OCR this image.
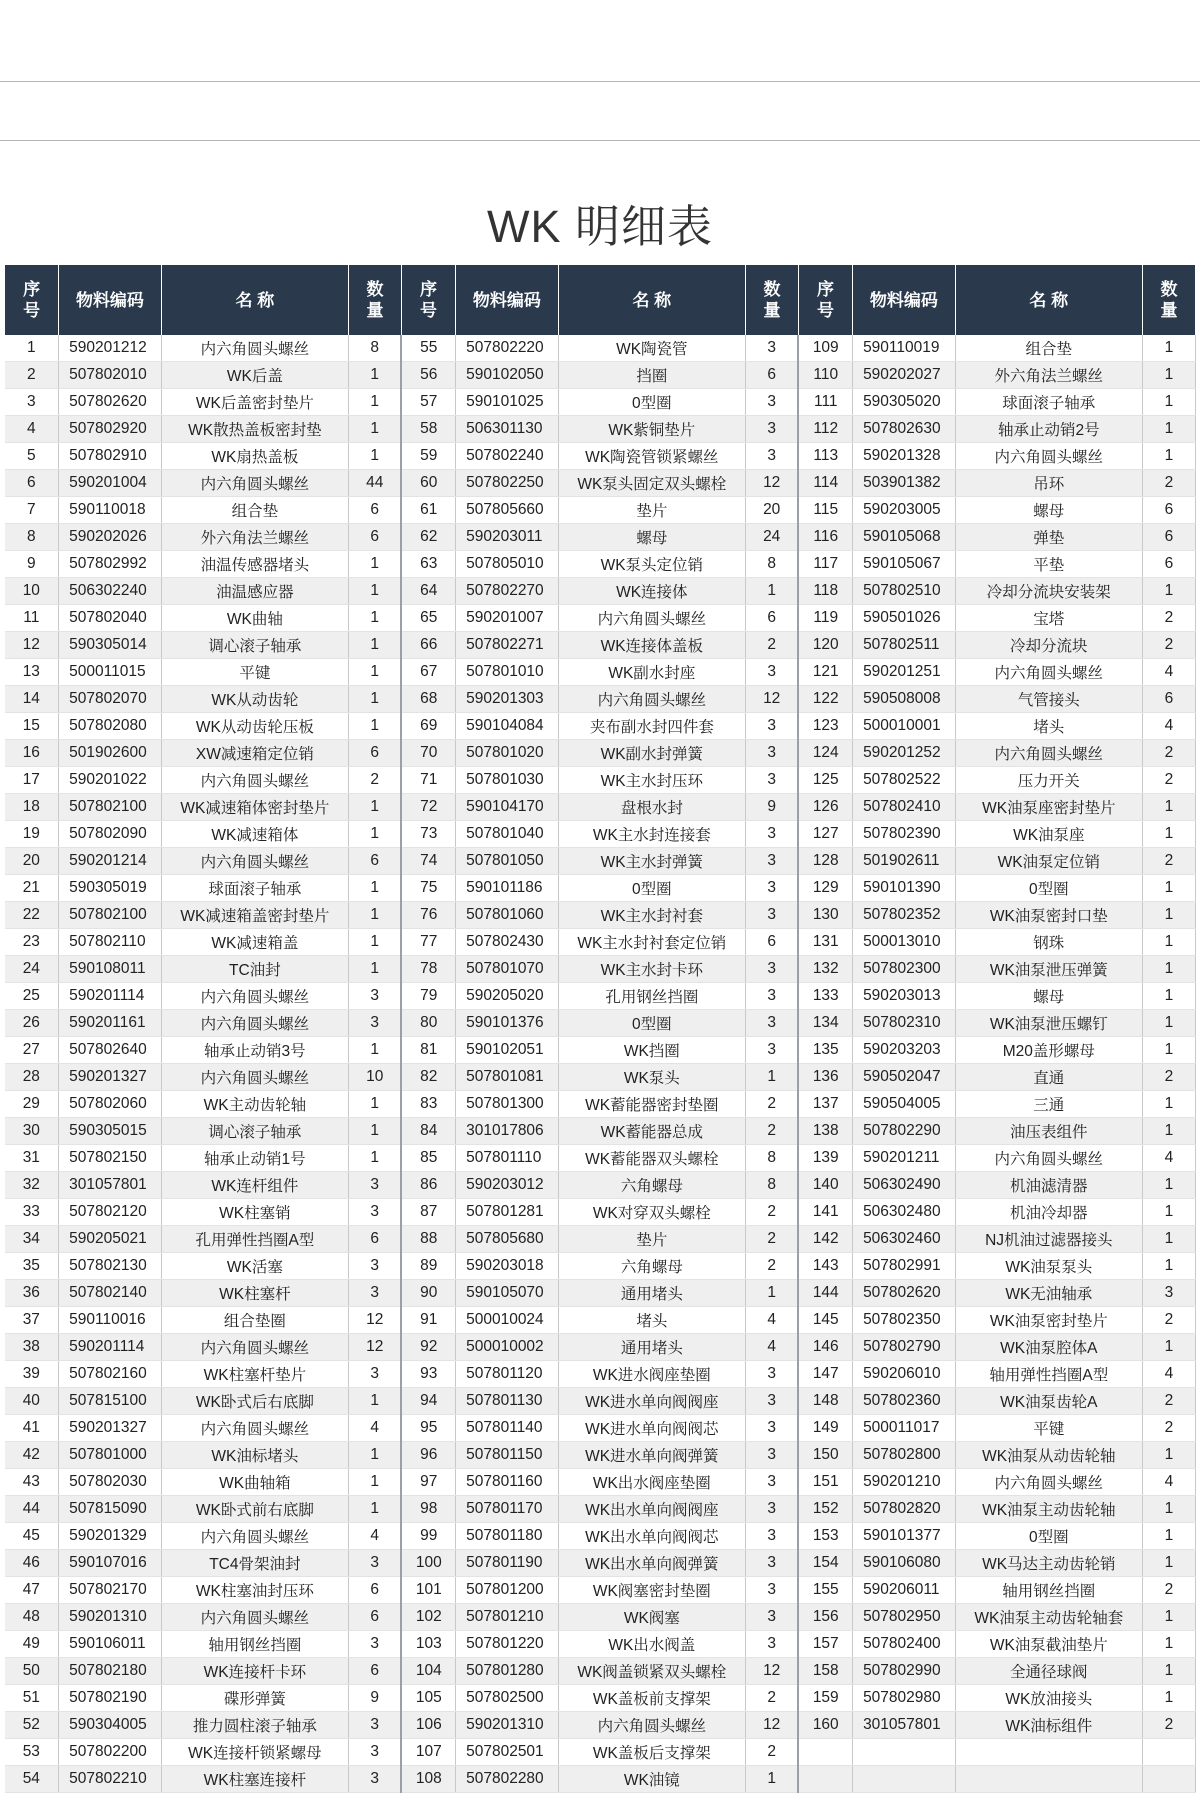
WK 明细表
序
号	物料编码	名 称	数
量	序
号	物料编码	名 称	数
量	序
号	物料编码	名 称	数
量
1	590201212	内六角圆头螺丝	8	55	507802220	WK陶瓷管	3	109	590110019	组合垫	1
2	507802010	WK后盖	1	56	590102050	挡圈	6	110	590202027	外六角法兰螺丝	1
3	507802620	WK后盖密封垫片	1	57	590101025	0型圈	3	111	590305020	球面滚子轴承	1
4	507802920	WK散热盖板密封垫	1	58	506301130	WK紫铜垫片	3	112	507802630	轴承止动销2号	1
5	507802910	WK扇热盖板	1	59	507802240	WK陶瓷管锁紧螺丝	3	113	590201328	内六角圆头螺丝	1
6	590201004	内六角圆头螺丝	44	60	507802250	WK泵头固定双头螺栓	12	114	503901382	吊环	2
7	590110018	组合垫	6	61	507805660	垫片	20	115	590203005	螺母	6
8	590202026	外六角法兰螺丝	6	62	590203011	螺母	24	116	590105068	弹垫	6
9	507802992	油温传感器堵头	1	63	507805010	WK泵头定位销	8	117	590105067	平垫	6
10	506302240	油温感应器	1	64	507802270	WK连接体	1	118	507802510	冷却分流块安装架	1
11	507802040	WK曲轴	1	65	590201007	内六角圆头螺丝	6	119	590501026	宝塔	2
12	590305014	调心滚子轴承	1	66	507802271	WK连接体盖板	2	120	507802511	冷却分流块	2
13	500011015	平键	1	67	507801010	WK副水封座	3	121	590201251	内六角圆头螺丝	4
14	507802070	WK从动齿轮	1	68	590201303	内六角圆头螺丝	12	122	590508008	气管接头	6
15	507802080	WK从动齿轮压板	1	69	590104084	夹布副水封四件套	3	123	500010001	堵头	4
16	501902600	XW减速箱定位销	6	70	507801020	WK副水封弹簧	3	124	590201252	内六角圆头螺丝	2
17	590201022	内六角圆头螺丝	2	71	507801030	WK主水封压环	3	125	507802522	压力开关	2
18	507802100	WK减速箱体密封垫片	1	72	590104170	盘根水封	9	126	507802410	WK油泵座密封垫片	1
19	507802090	WK减速箱体	1	73	507801040	WK主水封连接套	3	127	507802390	WK油泵座	1
20	590201214	内六角圆头螺丝	6	74	507801050	WK主水封弹簧	3	128	501902611	WK油泵定位销	2
21	590305019	球面滚子轴承	1	75	590101186	0型圈	3	129	590101390	0型圈	1
22	507802100	WK减速箱盖密封垫片	1	76	507801060	WK主水封衬套	3	130	507802352	WK油泵密封口垫	1
23	507802110	WK减速箱盖	1	77	507802430	WK主水封衬套定位销	6	131	500013010	钢珠	1
24	590108011	TC油封	1	78	507801070	WK主水封卡环	3	132	507802300	WK油泵泄压弹簧	1
25	590201114	内六角圆头螺丝	3	79	590205020	孔用钢丝挡圈	3	133	590203013	螺母	1
26	590201161	内六角圆头螺丝	3	80	590101376	0型圈	3	134	507802310	WK油泵泄压螺钉	1
27	507802640	轴承止动销3号	1	81	590102051	WK挡圈	3	135	590203203	M20盖形螺母	1
28	590201327	内六角圆头螺丝	10	82	507801081	WK泵头	1	136	590502047	直通	2
29	507802060	WK主动齿轮轴	1	83	507801300	WK蓄能器密封垫圈	2	137	590504005	三通	1
30	590305015	调心滚子轴承	1	84	301017806	WK蓄能器总成	2	138	507802290	油压表组件	1
31	507802150	轴承止动销1号	1	85	507801110	WK蓄能器双头螺栓	8	139	590201211	内六角圆头螺丝	4
32	301057801	WK连杆组件	3	86	590203012	六角螺母	8	140	506302490	机油滤清器	1
33	507802120	WK柱塞销	3	87	507801281	WK对穿双头螺栓	2	141	506302480	机油冷却器	1
34	590205021	孔用弹性挡圈A型	6	88	507805680	垫片	2	142	506302460	NJ机油过滤器接头	1
35	507802130	WK活塞	3	89	590203018	六角螺母	2	143	507802991	WK油泵泵头	1
36	507802140	WK柱塞杆	3	90	590105070	通用堵头	1	144	507802620	WK无油轴承	3
37	590110016	组合垫圈	12	91	500010024	堵头	4	145	507802350	WK油泵密封垫片	2
38	590201114	内六角圆头螺丝	12	92	500010002	通用堵头	4	146	507802790	WK油泵腔体A	1
39	507802160	WK柱塞杆垫片	3	93	507801120	WK进水阀座垫圈	3	147	590206010	轴用弹性挡圈A型	4
40	507815100	WK卧式后右底脚	1	94	507801130	WK进水单向阀阀座	3	148	507802360	WK油泵齿轮A	2
41	590201327	内六角圆头螺丝	4	95	507801140	WK进水单向阀阀芯	3	149	500011017	平键	2
42	507801000	WK油标堵头	1	96	507801150	WK进水单向阀弹簧	3	150	507802800	WK油泵从动齿轮轴	1
43	507802030	WK曲轴箱	1	97	507801160	WK出水阀座垫圈	3	151	590201210	内六角圆头螺丝	4
44	507815090	WK卧式前右底脚	1	98	507801170	WK出水单向阀阀座	3	152	507802820	WK油泵主动齿轮轴	1
45	590201329	内六角圆头螺丝	4	99	507801180	WK出水单向阀阀芯	3	153	590101377	0型圈	1
46	590107016	TC4骨架油封	3	100	507801190	WK出水单向阀弹簧	3	154	590106080	WK马达主动齿轮销	1
47	507802170	WK柱塞油封压环	6	101	507801200	WK阀塞密封垫圈	3	155	590206011	轴用钢丝挡圈	2
48	590201310	内六角圆头螺丝	6	102	507801210	WK阀塞	3	156	507802950	WK油泵主动齿轮轴套	1
49	590106011	轴用钢丝挡圈	3	103	507801220	WK出水阀盖	3	157	507802400	WK油泵截油垫片	1
50	507802180	WK连接杆卡环	6	104	507801280	WK阀盖锁紧双头螺栓	12	158	507802990	全通径球阀	1
51	507802190	碟形弹簧	9	105	507802500	WK盖板前支撑架	2	159	507802980	WK放油接头	1
52	590304005	推力圆柱滚子轴承	3	106	590201310	内六角圆头螺丝	12	160	301057801	WK油标组件	2
53	507802200	WK连接杆锁紧螺母	3	107	507802501	WK盖板后支撑架	2				
54	507802210	WK柱塞连接杆	3	108	507802280	WK油镜	1				
